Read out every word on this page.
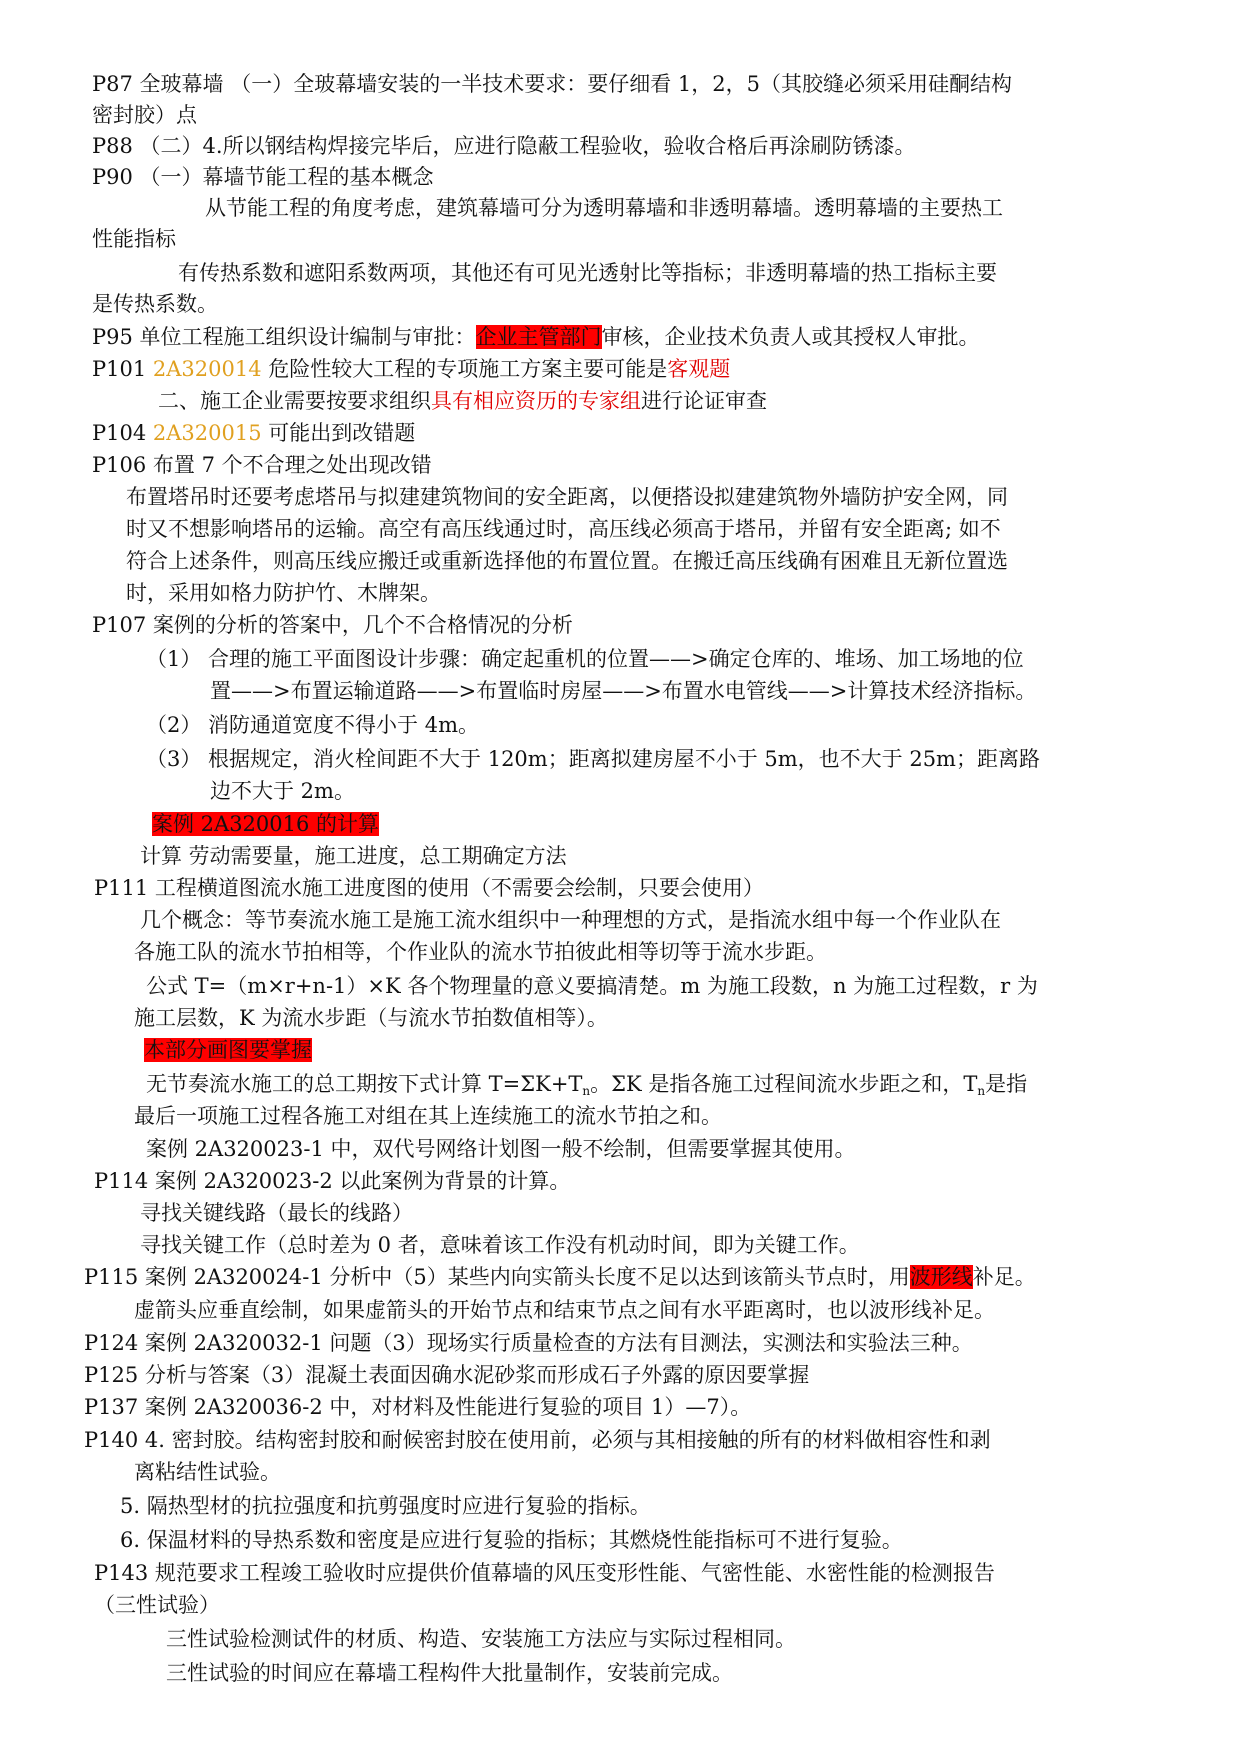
P87 全玻幕墙 （一）全玻幕墙安装的一半技术要求：要仔细看 1，2，5（其胶缝必须采用硅酮结构
密封胶）点
P88 （二）4.所以钢结构焊接完毕后，应进行隐蔽工程验收，验收合格后再涂刷防锈漆。
P90 （一）幕墙节能工程的基本概念
从节能工程的角度考虑，建筑幕墙可分为透明幕墙和非透明幕墙。透明幕墙的主要热工
性能指标
有传热系数和遮阳系数两项，其他还有可见光透射比等指标；非透明幕墙的热工指标主要
是传热系数。
P95 单位工程施工组织设计编制与审批：企业主管部门审核，企业技术负责人或其授权人审批。
P101 2A320014 危险性较大工程的专项施工方案主要可能是客观题
二、施工企业需要按要求组织具有相应资历的专家组进行论证审查
P104 2A320015 可能出到改错题
P106 布置 7 个不合理之处出现改错
布置塔吊时还要考虑塔吊与拟建建筑物间的安全距离，以便搭设拟建建筑物外墙防护安全网，同
时又不想影响塔吊的运输。高空有高压线通过时，高压线必须高于塔吊，并留有安全距离; 如不
符合上述条件，则高压线应搬迁或重新选择他的布置位置。在搬迁高压线确有困难且无新位置选
时，采用如格力防护竹、木牌架。
P107 案例的分析的答案中，几个不合格情况的分析
（1） 合理的施工平面图设计步骤：确定起重机的位置——>确定仓库的、堆场、加工场地的位
置——>布置运输道路——>布置临时房屋——>布置水电管线——>计算技术经济指标。
（2） 消防通道宽度不得小于 4m。
（3） 根据规定，消火栓间距不大于 120m；距离拟建房屋不小于 5m，也不大于 25m；距离路
边不大于 2m。
案例 2A320016 的计算
计算 劳动需要量，施工进度，总工期确定方法
P111 工程横道图流水施工进度图的使用（不需要会绘制，只要会使用）
几个概念：等节奏流水施工是施工流水组织中一种理想的方式，是指流水组中每一个作业队在
各施工队的流水节拍相等，个作业队的流水节拍彼此相等切等于流水步距。
公式 T=（m×r+n-1）×K 各个物理量的意义要搞清楚。m 为施工段数，n 为施工过程数，r 为
施工层数，K 为流水步距（与流水节拍数值相等）。
本部分画图要掌握
无节奏流水施工的总工期按下式计算 $T=\Sigma K+T_n$。ΣK 是指各施工过程间流水步距之和，$T_n$是指
最后一项施工过程各施工对组在其上连续施工的流水节拍之和。
案例 2A320023-1 中，双代号网络计划图一般不绘制，但需要掌握其使用。
P114 案例 2A320023-2 以此案例为背景的计算。
寻找关键线路（最长的线路）
寻找关键工作（总时差为 0 者，意味着该工作没有机动时间，即为关键工作。
P115 案例 2A320024-1 分析中（5）某些内向实箭头长度不足以达到该箭头节点时，用波形线补足。
虚箭头应垂直绘制，如果虚箭头的开始节点和结束节点之间有水平距离时，也以波形线补足。
P124 案例 2A320032-1 问题（3）现场实行质量检查的方法有目测法，实测法和实验法三种。
P125 分析与答案（3）混凝土表面因确水泥砂浆而形成石子外露的原因要掌握
P137 案例 2A320036-2 中，对材料及性能进行复验的项目 1）—7）。
P140 4. 密封胶。结构密封胶和耐候密封胶在使用前，必须与其相接触的所有的材料做相容性和剥
离粘结性试验。
5. 隔热型材的抗拉强度和抗剪强度时应进行复验的指标。
6. 保温材料的导热系数和密度是应进行复验的指标；其燃烧性能指标可不进行复验。
P143 规范要求工程竣工验收时应提供价值幕墙的风压变形性能、气密性能、水密性能的检测报告
（三性试验）
三性试验检测试件的材质、构造、安装施工方法应与实际过程相同。
三性试验的时间应在幕墙工程构件大批量制作，安装前完成。
